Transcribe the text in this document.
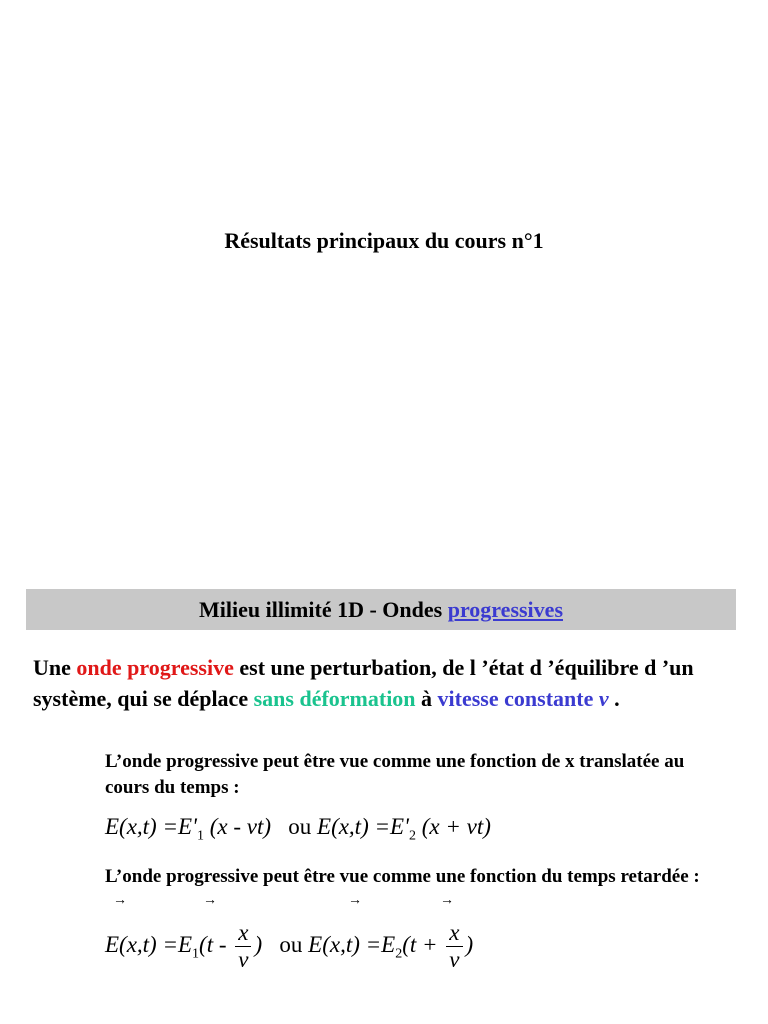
Résultats principaux du cours n°1
Milieu illimité 1D - Ondes progressives
Une onde progressive est une perturbation, de l ’état d ’équilibre d ’un système, qui se déplace sans déformation à vitesse constante v .
L’onde progressive peut être vue comme une fonction de x translatée au cours du temps :
$E(x,t) =E'_1$ (x - vt) ou $E(x,t) =E'_2$ (x + vt)
L’onde progressive peut être vue comme une fonction du temps retardée :
→	→	→	→
$E(x,t) =E_1(t - \frac{x}{v}$ ) ou $E(x,t) =E_2(t + \frac{x}{v}$ )
